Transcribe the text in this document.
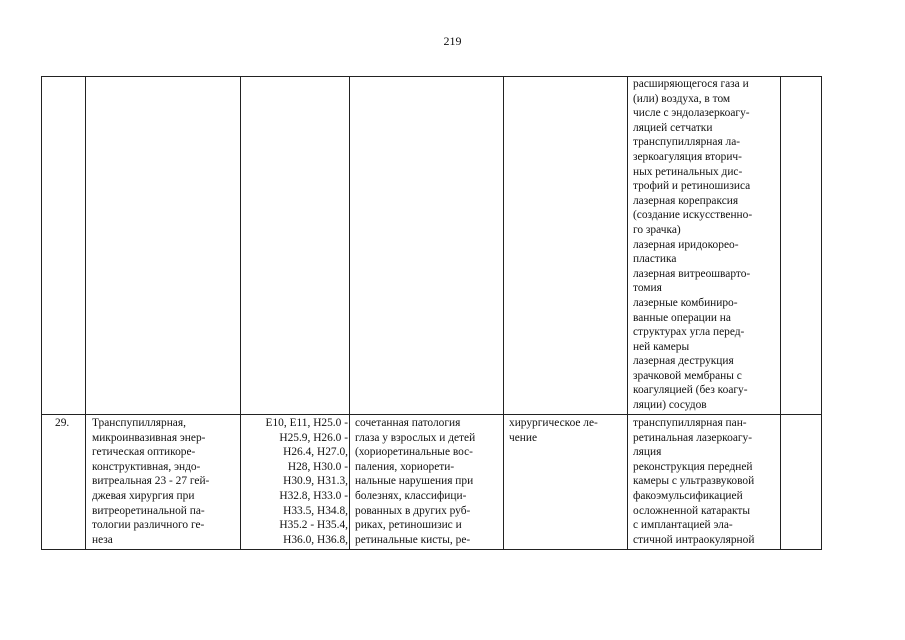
219
расширяющегося газа и
(или) воздуха, в том
числе с эндолазеркоагу-
ляцией сетчатки
транспупиллярная ла-
зеркоагуляция вторич-
ных ретинальных дис-
трофий и ретиношизиса
лазерная корепраксия
(создание искусственно-
го зрачка)
лазерная иридокорео-
пластика
лазерная витреошварто-
томия
лазерные комбиниро-
ванные операции на
структурах угла перед-
ней камеры
лазерная деструкция
зрачковой мембраны с
коагуляцией (без коагу-
ляции) сосудов
29.	Транспупиллярная,
микроинвазивная энер-
гетическая оптикоре-
конструктивная, эндо-
витреальная 23 - 27 гей-
джевая хирургия при
витреоретинальной па-
тологии различного ге-
неза
E10, E11, H25.0 -
H25.9, H26.0 -
H26.4, H27.0,
H28, H30.0 -
H30.9, H31.3,
H32.8, H33.0 -
H33.5, H34.8,
H35.2 - H35.4,
H36.0, H36.8,
сочетанная патология
глаза у взрослых и детей
(хориоретинальные вос-
паления, хориорети-
нальные нарушения при
болезнях, классифици-
рованных в других руб-
риках, ретиношизис и
ретинальные кисты, ре-
хирургическое ле-
чение
транспупиллярная пан-
ретинальная лазеркоагу-
ляция
реконструкция передней
камеры с ультразвуковой
факоэмульсификацией
осложненной катаракты
с имплантацией эла-
стичной интраокулярной
